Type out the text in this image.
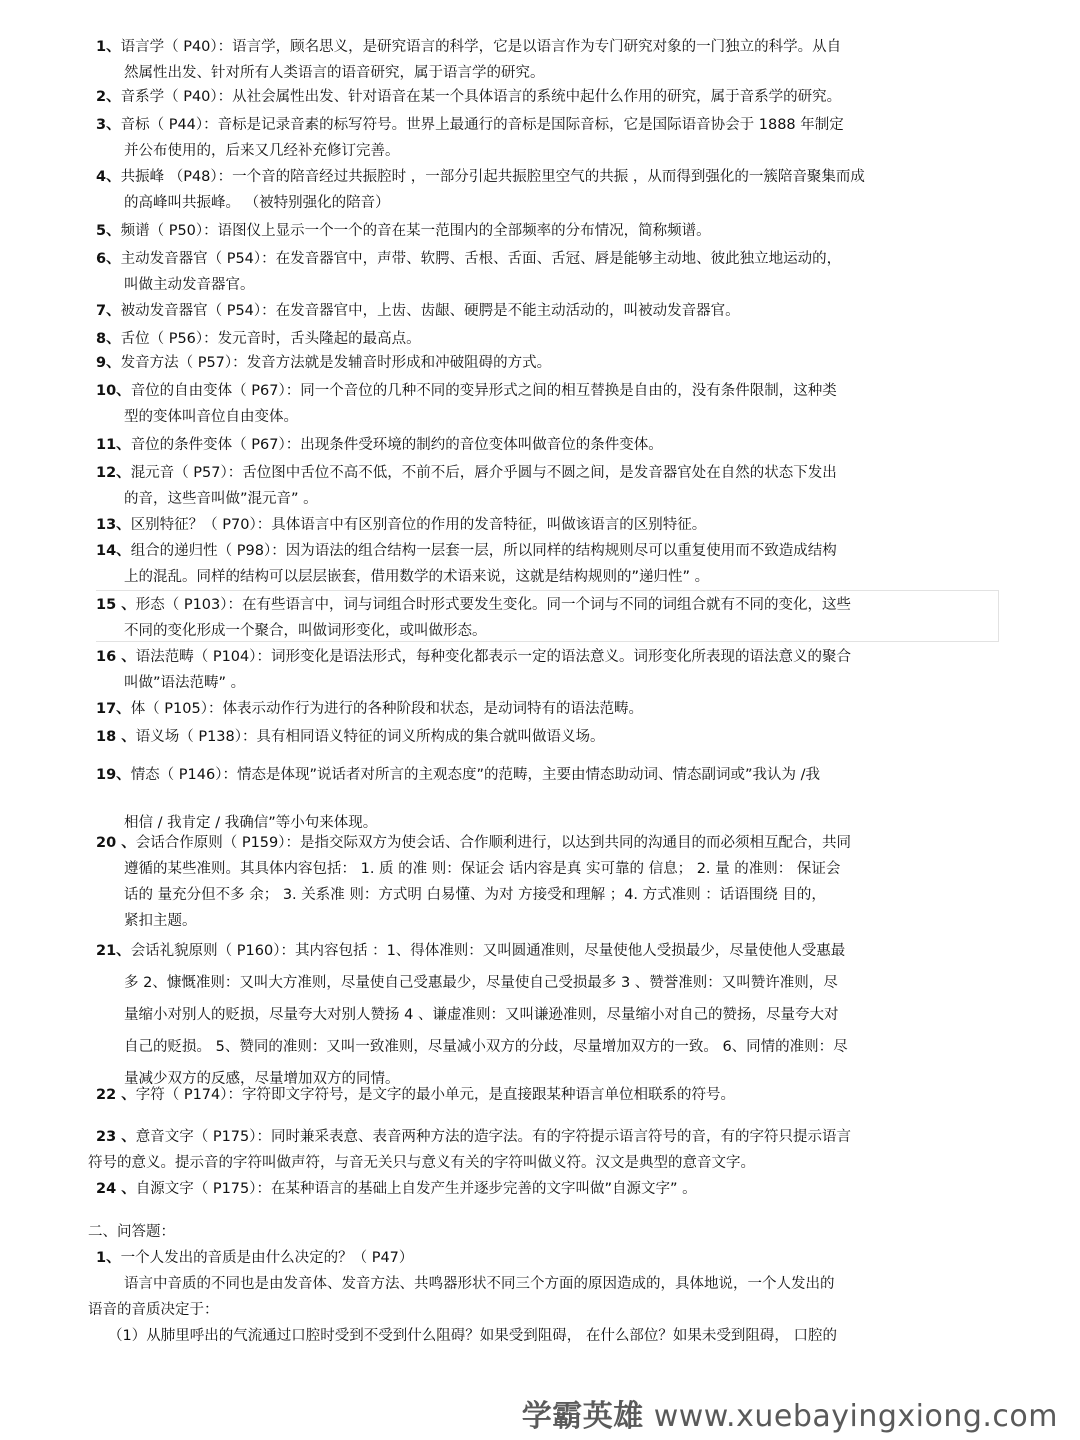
1、语言学（ P40）：语言学，顾名思义，是研究语言的科学，它是以语言作为专门研究对象的一门独立的科学。从自
然属性出发、针对所有人类语言的语音研究，属于语言学的研究。
2、音系学（ P40）：从社会属性出发、针对语音在某一个具体语言的系统中起什么作用的研究，属于音系学的研究。
3、音标（ P44）：音标是记录音素的标写符号。世界上最通行的音标是国际音标，它是国际语音协会于 1888 年制定
并公布使用的，后来又几经补充修订完善。
4、共振峰 （P48）：一个音的陪音经过共振腔时 ，一部分引起共振腔里空气的共振 ，从而得到强化的一簇陪音聚集而成
的高峰叫共振峰。 （被特别强化的陪音）
5、频谱（ P50）：语图仪上显示一个一个的音在某一范围内的全部频率的分布情况，简称频谱。
6、主动发音器官（ P54）：在发音器官中，声带、软腭、舌根、舌面、舌冠、唇是能够主动地、彼此独立地运动的，
叫做主动发音器官。
7、被动发音器官（ P54）：在发音器官中，上齿、齿龈、硬腭是不能主动活动的，叫被动发音器官。
8、舌位（ P56）：发元音时，舌头隆起的最高点。
9、发音方法（ P57）：发音方法就是发辅音时形成和冲破阻碍的方式。
10、音位的自由变体（ P67）：同一个音位的几种不同的变异形式之间的相互替换是自由的，没有条件限制，这种类
型的变体叫音位自由变体。
11、音位的条件变体（ P67）：出现条件受环境的制约的音位变体叫做音位的条件变体。
12、混元音（ P57）：舌位图中舌位不高不低，不前不后，唇介乎圆与不圆之间，是发音器官处在自然的状态下发出
的音，这些音叫做”混元音” 。
13、区别特征？（ P70）：具体语言中有区别音位的作用的发音特征，叫做该语言的区别特征。
14、组合的递归性（ P98）：因为语法的组合结构一层套一层，所以同样的结构规则尽可以重复使用而不致造成结构
上的混乱。同样的结构可以层层嵌套，借用数学的术语来说，这就是结构规则的”递归性” 。
15 、形态（ P103）：在有些语言中，词与词组合时形式要发生变化。同一个词与不同的词组合就有不同的变化，这些
不同的变化形成一个聚合，叫做词形变化，或叫做形态。
16 、语法范畴（ P104）：词形变化是语法形式，每种变化都表示一定的语法意义。词形变化所表现的语法意义的聚合
叫做”语法范畴” 。
17、体（ P105）：体表示动作行为进行的各种阶段和状态，是动词特有的语法范畴。
18 、语义场（ P138）：具有相同语义特征的词义所构成的集合就叫做语义场。
19、情态（ P146）：情态是体现”说话者对所言的主观态度”的范畴，主要由情态助动词、情态副词或”我认为 /我
相信 / 我肯定 / 我确信”等小句来体现。
20 、会话合作原则（ P159）：是指交际双方为使会话、合作顺利进行，以达到共同的沟通目的而必须相互配合，共同
遵循的某些准则。其具体内容包括： 1. 质 的准 则：保证会 话内容是真 实可靠的 信息； 2. 量 的准则： 保证会
话的 量充分但不多 余； 3. 关系准 则：方式明 白易懂、为对 方接受和理解 ；4. 方式准则 ：话语围绕 目的，
紧扣主题。
21、会话礼貌原则（ P160）：其内容包括 ：1、得体准则：又叫圆通准则，尽量使他人受损最少，尽量使他人受惠最
多 2、慷慨准则：又叫大方准则，尽量使自己受惠最少，尽量使自己受损最多 3 、赞誉准则：又叫赞许准则，尽
量缩小对别人的贬损，尽量夸大对别人赞扬 4 、谦虚准则：又叫谦逊准则，尽量缩小对自己的赞扬，尽量夸大对
自己的贬损。 5、赞同的准则：又叫一致准则，尽量减小双方的分歧，尽量增加双方的一致。 6、同情的准则：尽
量减少双方的反感，尽量增加双方的同情。
22 、字符（ P174）：字符即文字符号，是文字的最小单元，是直接跟某种语言单位相联系的符号。
23 、意音文字（ P175）：同时兼采表意、表音两种方法的造字法。有的字符提示语言符号的音，有的字符只提示语言
符号的意义。提示音的字符叫做声符，与音无关只与意义有关的字符叫做义符。汉文是典型的意音文字。
24 、自源文字（ P175）：在某种语言的基础上自发产生并逐步完善的文字叫做”自源文字” 。
二、问答题：
1、一个人发出的音质是由什么决定的？（ P47）
语言中音质的不同也是由发音体、发音方法、共鸣器形状不同三个方面的原因造成的，具体地说，一个人发出的
语音的音质决定于：
（1）从肺里呼出的气流通过口腔时受到不受到什么阻碍？如果受到阻碍， 在什么部位？如果未受到阻碍， 口腔的
学霸英雄 www.xuebayingxiong.com
